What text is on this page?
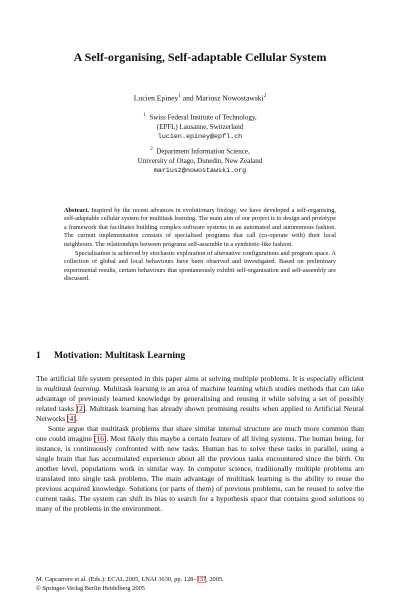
A Self-organising, Self-adaptable Cellular System
Lucien Epiney$^1$ and Mariusz Nowostawski$^2$
$^1$ Swiss Federal Institute of Technology,
(EPFL) Lausanne, Switzerland
lucien.epiney@epfl.ch
$^2$ Department Information Science,
University of Otago, Dunedin, New Zealand
mariusz@nowostawski.org

Abstract. Inspired by the recent advances in evolutionary biology, we have developed a self-organising, self-adaptable cellular system for multitask learning. The main aim of our project is to design and prototype a framework that facilitates building complex software systems in an automated and autonomous fashion. The current implementation consists of specialised programs that call (co-operate with) their local neighbours. The relationships between programs self-assemble in a symbiotic-like fashion.

Specialisation is achieved by stochastic exploration of alternative configurations and program space. A collection of global and local behaviours have been observed and investigated. Based on preliminary experimental results, certain behaviours that spontaneously exhibit self-organisation and self-assembly are discussed.

1 Motivation: Multitask Learning

The artificial life system presented in this paper aims at solving multiple problems. It is especially efficient in multitask learning. Multitask learning is an area of machine learning which studies methods that can take advantage of previously learned knowledge by generalising and reusing it while solving a set of possibly related tasks [2]. Multitask learning has already shown promising results when applied to Artificial Neural Networks [4].

Some argue that multitask problems that share similar internal structure are much more common than one could imagine [16]. Most likely this maybe a certain feature of all living systems. The human being, for instance, is continuously confronted with new tasks. Human has to solve these tasks in parallel, using a single brain that has accumulated experience about all the previous tasks encountered since the birth. On another level, populations work in similar way. In computer science, traditionally multiple problems are translated into single task problems. The main advantage of multitask learning is the ability to reuse the previous acquired knowledge. Solutions (or parts of them) of previous problems, can be reused to solve the current tasks. The system can shift its bias to search for a hypothesis space that contains good solutions to many of the problems in the environment.

M. Capcarrere et al. (Eds.): ECAL 2005, LNAI 3630, pp. 128–137, 2005.
© Springer-Verlag Berlin Heidelberg 2005
